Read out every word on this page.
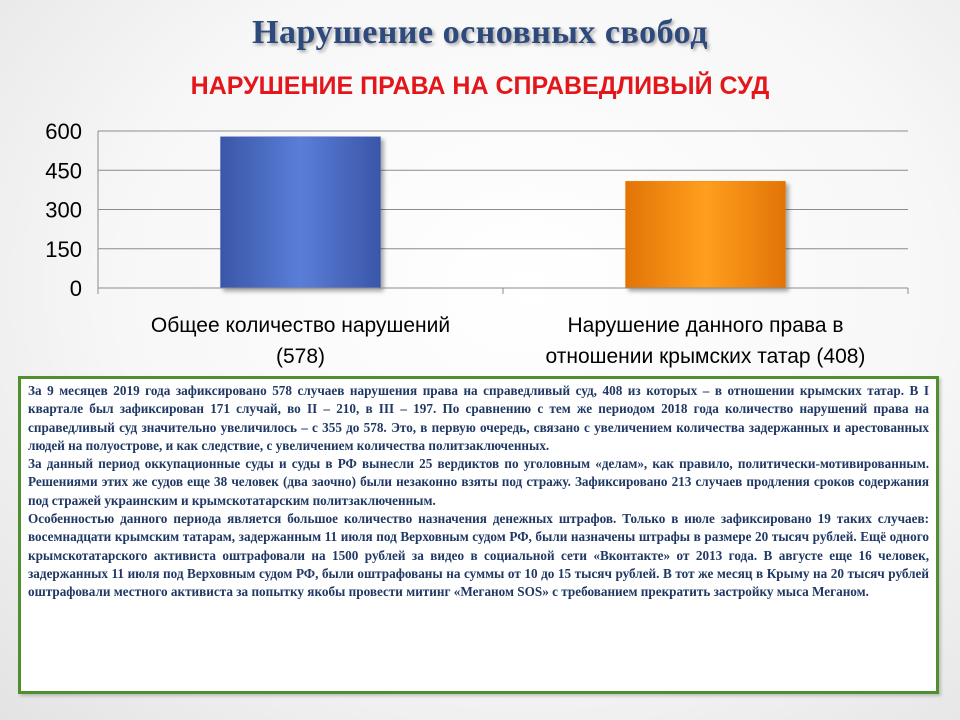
Нарушение основных свобод
НАРУШЕНИЕ ПРАВА НА СПРАВЕДЛИВЫЙ СУД
0
150
300
450
600
Общее количество нарушений
(578)
Нарушение данного права в
отношении крымских татар (408)

За 9 месяцев 2019 года зафиксировано 578 случаев нарушения права на справедливый суд, 408 из которых – в отношении крымских татар. В I квартале был зафиксирован 171 случай, во II – 210, в III – 197. По сравнению с тем же периодом 2018 года количество нарушений права на справедливый суд значительно увеличилось – с 355 до 578. Это, в первую очередь, связано с увеличением количества задержанных и арестованных людей на полуострове, и как следствие, с увеличением количества политзаключенных.

За данный период оккупационные суды и суды в РФ вынесли 25 вердиктов по уголовным «делам», как правило, политически-мотивированным. Решениями этих же судов еще 38 человек (два заочно) были незаконно взяты под стражу. Зафиксировано 213 случаев продления сроков содержания под стражей украинским и крымскотатарским политзаключенным.

Особенностью данного периода является большое количество назначения денежных штрафов. Только в июле зафиксировано 19 таких случаев: восемнадцати крымским татарам, задержанным 11 июля под Верховным судом РФ, были назначены штрафы в размере 20 тысяч рублей. Ещё одного крымскотатарского активиста оштрафовали на 1500 рублей за видео в социальной сети «Вконтакте» от 2013 года. В августе еще 16 человек, задержанных 11 июля под Верховным судом РФ, были оштрафованы на суммы от 10 до 15 тысяч рублей. В тот же месяц в Крыму на 20 тысяч рублей оштрафовали местного активиста за попытку якобы провести митинг «Меганом SOS» с требованием прекратить застройку мыса Меганом.
